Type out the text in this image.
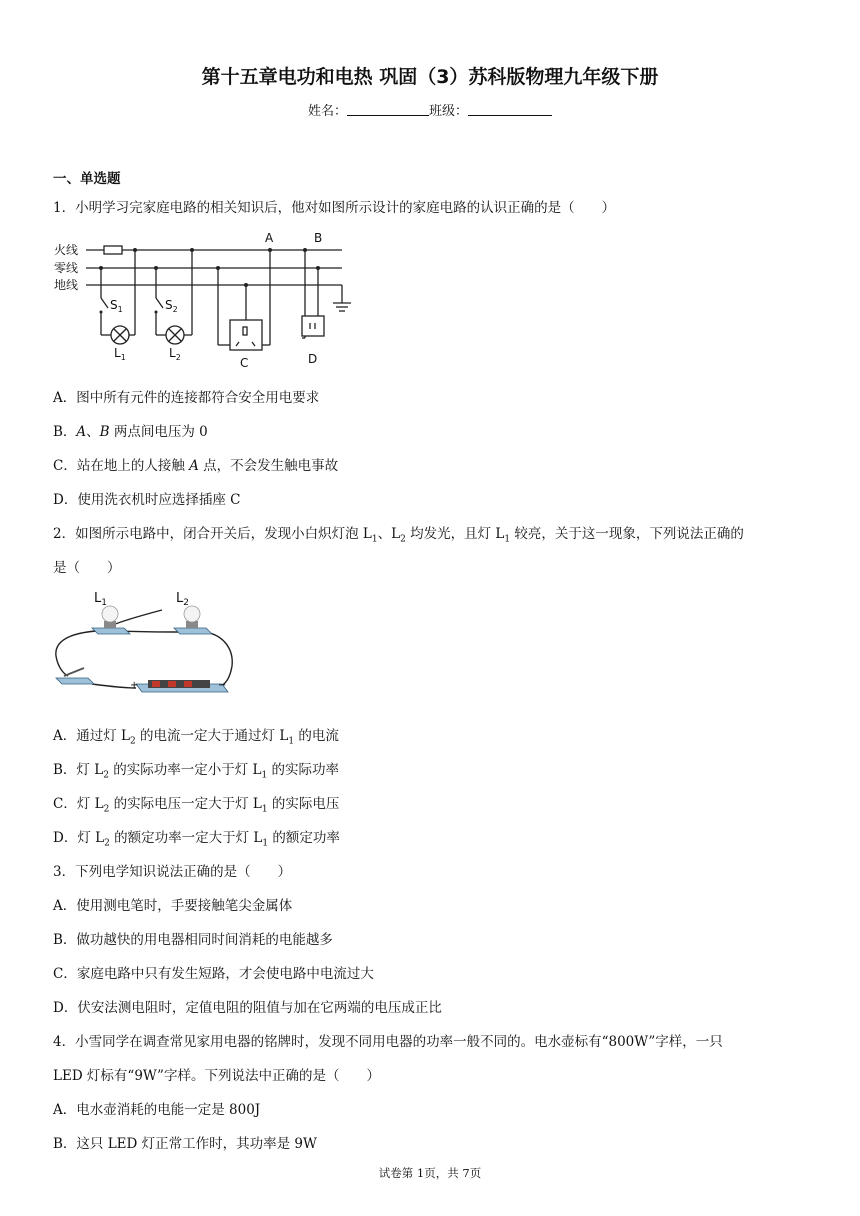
第十五章电功和电热 巩固（3）苏科版物理九年级下册
姓名：	班级：
一、单选题
1．小明学习完家庭电路的相关知识后，他对如图所示设计的家庭电路的认识正确的是（　　）
火线
零线
地线
$S_1$	$S_2$
$L_1$	$L_2$
A	B
C	D
A．图中所有元件的连接都符合安全用电要求
B．A、B 两点间电压为 0
C．站在地上的人接触 A 点，不会发生触电事故
D．使用洗衣机时应选择插座 C
2．如图所示电路中，闭合开关后，发现小白炽灯泡 $L_1$、$L_2$ 均发光，且灯 $L_1$ 较亮，关于这一现象，下列说法正确的
是（　　）
$L_1$	$L_2$
+	−
A．通过灯 $L_2$ 的电流一定大于通过灯 $L_1$ 的电流
B．灯 $L_2$ 的实际功率一定小于灯 $L_1$ 的实际功率
C．灯 $L_2$ 的实际电压一定大于灯 $L_1$ 的实际电压
D．灯 $L_2$ 的额定功率一定大于灯 $L_1$ 的额定功率
3．下列电学知识说法正确的是（　　）
A．使用测电笔时，手要接触笔尖金属体
B．做功越快的用电器相同时间消耗的电能越多
C．家庭电路中只有发生短路，才会使电路中电流过大
D．伏安法测电阻时，定值电阻的阻值与加在它两端的电压成正比
4．小雪同学在调查常见家用电器的铭牌时，发现不同用电器的功率一般不同的。电水壶标有“800W”字样，一只
LED 灯标有“9W”字样。下列说法中正确的是（　　）
A．电水壶消耗的电能一定是 800J
B．这只 LED 灯正常工作时，其功率是 9W
试卷第 1页，共 7页
